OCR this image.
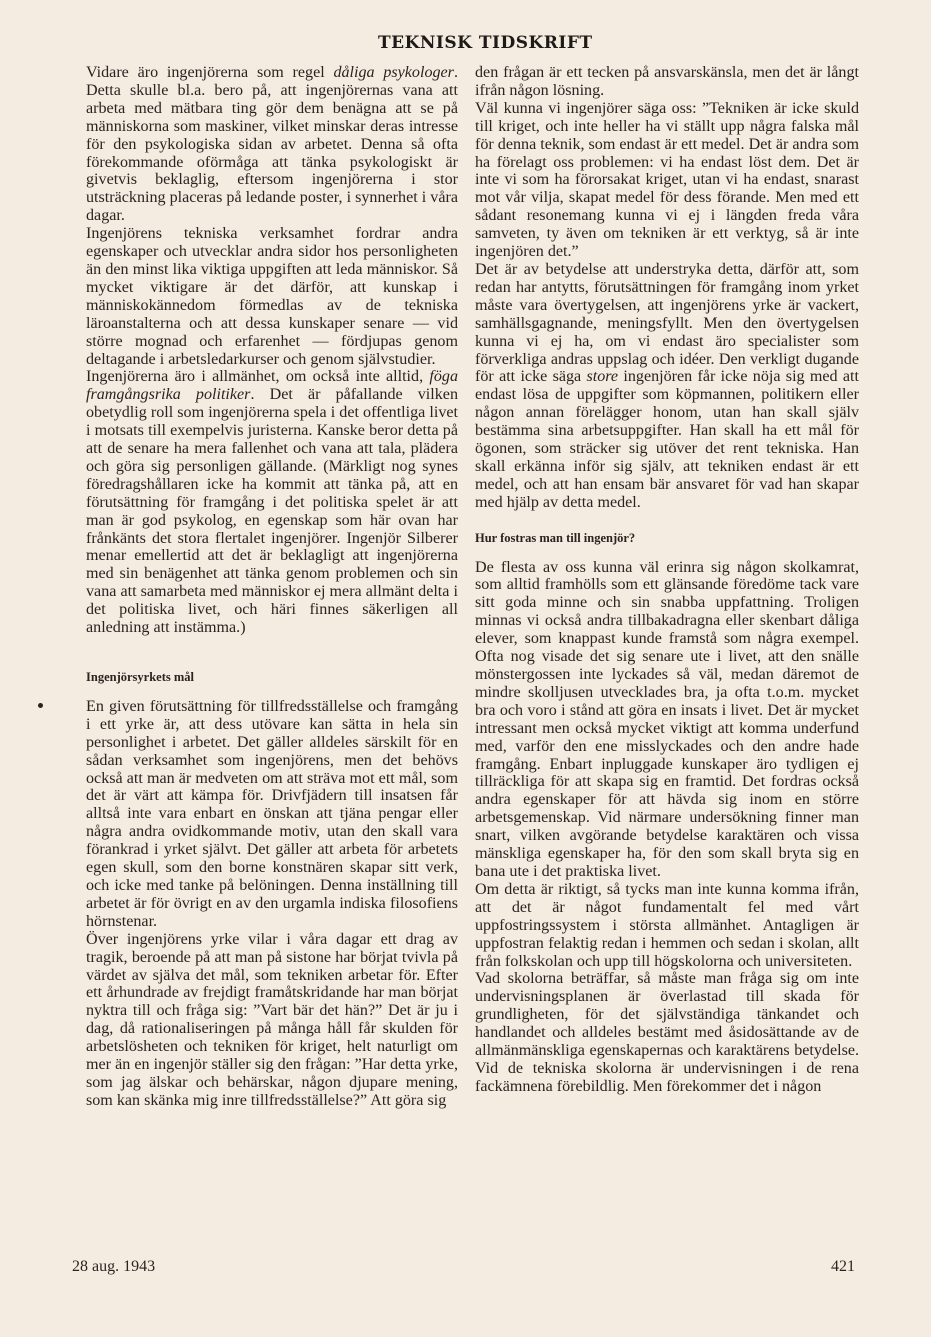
TEKNISK TIDSKRIFT

Vidare äro ingenjörerna som regel dåliga psykologer. Detta skulle bl.a. bero på, att ingenjörernas vana att arbeta med mätbara ting gör dem benägna att se på människorna som maskiner, vilket minskar deras intresse för den psykologiska sidan av arbetet. Denna så ofta förekommande oförmåga att tänka psykologiskt är givetvis beklaglig, eftersom ingenjörerna i stor utsträckning placeras på ledande poster, i synnerhet i våra dagar.

Ingenjörens tekniska verksamhet fordrar andra egenskaper och utvecklar andra sidor hos personligheten än den minst lika viktiga uppgiften att leda människor. Så mycket viktigare är det därför, att kunskap i människokännedom förmedlas av de tekniska läroanstalterna och att dessa kunskaper senare — vid större mognad och erfarenhet — fördjupas genom deltagande i arbetsledarkurser och genom självstudier.

Ingenjörerna äro i allmänhet, om också inte alltid, föga framgångsrika politiker. Det är påfallande vilken obetydlig roll som ingenjörerna spela i det offentliga livet i motsats till exempelvis juristerna. Kanske beror detta på att de senare ha mera fallenhet och vana att tala, plädera och göra sig personligen gällande. (Märkligt nog synes föredragshållaren icke ha kommit att tänka på, att en förutsättning för framgång i det politiska spelet är att man är god psykolog, en egenskap som här ovan har frånkänts det stora flertalet ingenjörer. Ingenjör Silberer menar emellertid att det är beklagligt att ingenjörerna med sin benägenhet att tänka genom problemen och sin vana att samarbeta med människor ej mera allmänt delta i det politiska livet, och häri finnes säkerligen all anledning att instämma.)

Ingenjörsyrkets mål

En given förutsättning för tillfredsställelse och framgång i ett yrke är, att dess utövare kan sätta in hela sin personlighet i arbetet. Det gäller alldeles särskilt för en sådan verksamhet som ingenjörens, men det behövs också att man är medveten om att sträva mot ett mål, som det är värt att kämpa för. Drivfjädern till insatsen får alltså inte vara enbart en önskan att tjäna pengar eller några andra ovidkommande motiv, utan den skall vara förankrad i yrket självt. Det gäller att arbeta för arbetets egen skull, som den borne konstnären skapar sitt verk, och icke med tanke på belöningen. Denna inställning till arbetet är för övrigt en av den urgamla indiska filosofiens hörnstenar.

Över ingenjörens yrke vilar i våra dagar ett drag av tragik, beroende på att man på sistone har börjat tvivla på värdet av själva det mål, som tekniken arbetar för. Efter ett århundrade av frejdigt framåtskridande har man börjat nyktra till och fråga sig: ”Vart bär det hän?” Det är ju i dag, då rationaliseringen på många håll får skulden för arbetslösheten och tekniken för kriget, helt naturligt om mer än en ingenjör ställer sig den frågan: ”Har detta yrke, som jag älskar och behärskar, någon djupare mening, som kan skänka mig inre tillfredsställelse?” Att göra sig

den frågan är ett tecken på ansvarskänsla, men det är långt ifrån någon lösning.

Väl kunna vi ingenjörer säga oss: ”Tekniken är icke skuld till kriget, och inte heller ha vi ställt upp några falska mål för denna teknik, som endast är ett medel. Det är andra som ha förelagt oss problemen: vi ha endast löst dem. Det är inte vi som ha förorsakat kriget, utan vi ha endast, snarast mot vår vilja, skapat medel för dess förande. Men med ett sådant resonemang kunna vi ej i längden freda våra samveten, ty även om tekniken är ett verktyg, så är inte ingenjören det.”

Det är av betydelse att understryka detta, därför att, som redan har antytts, förutsättningen för framgång inom yrket måste vara övertygelsen, att ingenjörens yrke är vackert, samhällsgagnande, meningsfyllt. Men den övertygelsen kunna vi ej ha, om vi endast äro specialister som förverkliga andras uppslag och idéer. Den verkligt dugande för att icke säga store ingenjören får icke nöja sig med att endast lösa de uppgifter som köpmannen, politikern eller någon annan förelägger honom, utan han skall själv bestämma sina arbetsuppgifter. Han skall ha ett mål för ögonen, som sträcker sig utöver det rent tekniska. Han skall erkänna inför sig själv, att tekniken endast är ett medel, och att han ensam bär ansvaret för vad han skapar med hjälp av detta medel.

Hur fostras man till ingenjör?

De flesta av oss kunna väl erinra sig någon skolkamrat, som alltid framhölls som ett glänsande föredöme tack vare sitt goda minne och sin snabba uppfattning. Troligen minnas vi också andra tillbakadragna eller skenbart dåliga elever, som knappast kunde framstå som några exempel. Ofta nog visade det sig senare ute i livet, att den snälle mönstergossen inte lyckades så väl, medan däremot de mindre skolljusen utvecklades bra, ja ofta t.o.m. mycket bra och voro i stånd att göra en insats i livet. Det är mycket intressant men också mycket viktigt att komma underfund med, varför den ene misslyckades och den andre hade framgång. Enbart inpluggade kunskaper äro tydligen ej tillräckliga för att skapa sig en framtid. Det fordras också andra egenskaper för att hävda sig inom en större arbetsgemenskap. Vid närmare undersökning finner man snart, vilken avgörande betydelse karaktären och vissa mänskliga egenskaper ha, för den som skall bryta sig en bana ute i det praktiska livet.

Om detta är riktigt, så tycks man inte kunna komma ifrån, att det är något fundamentalt fel med vårt uppfostringssystem i största allmänhet. Antagligen är uppfostran felaktig redan i hemmen och sedan i skolan, allt från folkskolan och upp till högskolorna och universiteten.

Vad skolorna beträffar, så måste man fråga sig om inte undervisningsplanen är överlastad till skada för grundligheten, för det självständiga tänkandet och handlandet och alldeles bestämt med åsidosättande av de allmänmänskliga egenskapernas och karaktärens betydelse. Vid de tekniska skolorna är undervisningen i de rena fackämnena förebildlig. Men förekommer det i någon

28 aug. 1943	421
